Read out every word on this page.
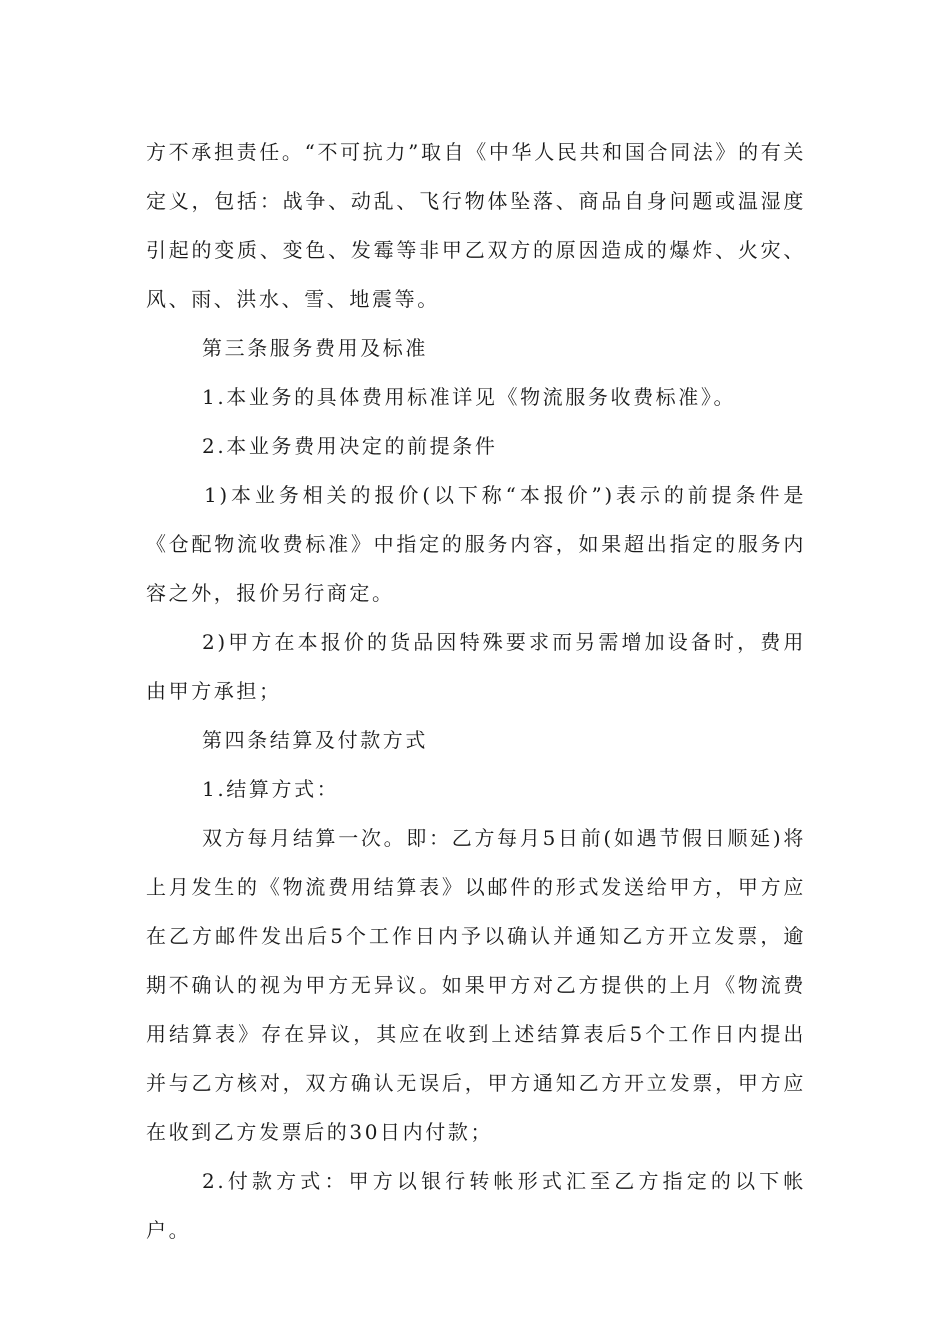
方不承担责任。“不可抗力”取自《中华人民共和国合同法》的有关定义，包括：战争、动乱、飞行物体坠落、商品自身问题或温湿度引起的变质、变色、发霉等非甲乙双方的原因造成的爆炸、火灾、风、雨、洪水、雪、地震等。

第三条服务费用及标准

1.本业务的具体费用标准详见《物流服务收费标准》。

2.本业务费用决定的前提条件

1)本业务相关的报价(以下称“本报价”)表示的前提条件是《仓配物流收费标准》中指定的服务内容，如果超出指定的服务内容之外，报价另行商定。

2)甲方在本报价的货品因特殊要求而另需增加设备时，费用由甲方承担；

第四条结算及付款方式

1.结算方式：

双方每月结算一次。即：乙方每月5日前(如遇节假日顺延)将上月发生的《物流费用结算表》以邮件的形式发送给甲方，甲方应在乙方邮件发出后5个工作日内予以确认并通知乙方开立发票，逾期不确认的视为甲方无异议。如果甲方对乙方提供的上月《物流费用结算表》存在异议，其应在收到上述结算表后5个工作日内提出并与乙方核对，双方确认无误后，甲方通知乙方开立发票，甲方应在收到乙方发票后的30日内付款；

2.付款方式：甲方以银行转帐形式汇至乙方指定的以下帐户。
